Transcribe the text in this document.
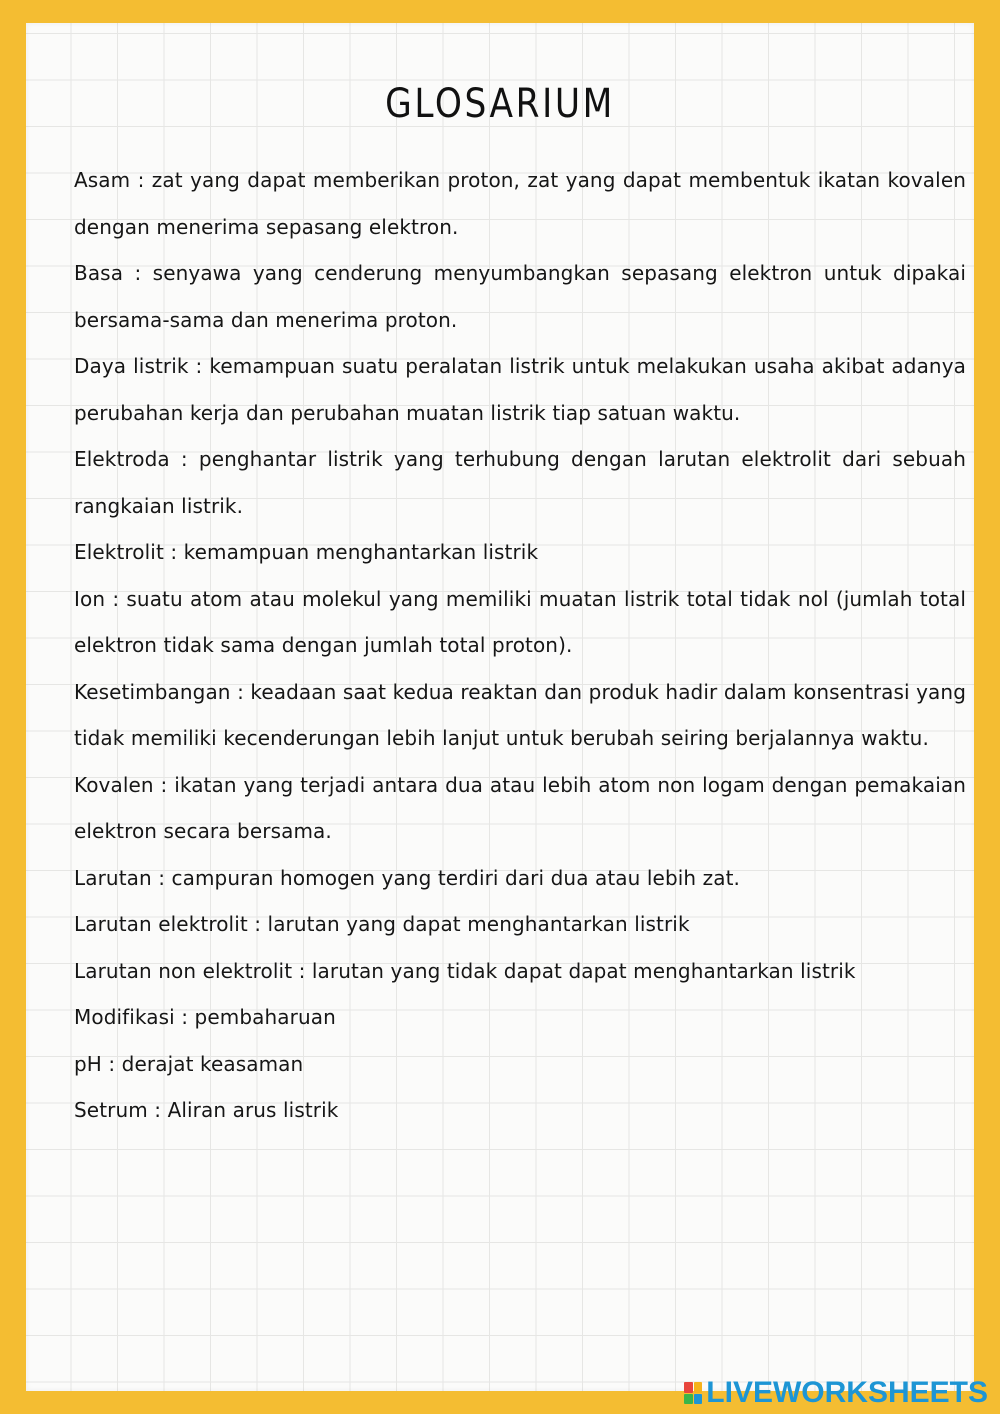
GLOSARIUM

Asam : zat yang dapat memberikan proton, zat yang dapat membentuk ikatan kovalen dengan menerima sepasang elektron.

Basa : senyawa yang cenderung menyumbangkan sepasang elektron untuk dipakai bersama-sama dan menerima proton.

Daya listrik : kemampuan suatu peralatan listrik untuk melakukan usaha akibat adanya perubahan kerja dan perubahan muatan listrik tiap satuan waktu.

Elektroda : penghantar listrik yang terhubung dengan larutan elektrolit dari sebuah rangkaian listrik.

Elektrolit : kemampuan menghantarkan listrik

Ion : suatu atom atau molekul yang memiliki muatan listrik total tidak nol (jumlah total elektron tidak sama dengan jumlah total proton).

Kesetimbangan : keadaan saat kedua reaktan dan produk hadir dalam konsentrasi yang tidak memiliki kecenderungan lebih lanjut untuk berubah seiring berjalannya waktu.

Kovalen : ikatan yang terjadi antara dua atau lebih atom non logam dengan pemakaian elektron secara bersama.

Larutan : campuran homogen yang terdiri dari dua atau lebih zat.

Larutan elektrolit : larutan yang dapat menghantarkan listrik

Larutan non elektrolit : larutan yang tidak dapat dapat menghantarkan listrik

Modifikasi : pembaharuan

pH : derajat keasaman

Setrum : Aliran arus listrik

LIVEWORKSHEETS
